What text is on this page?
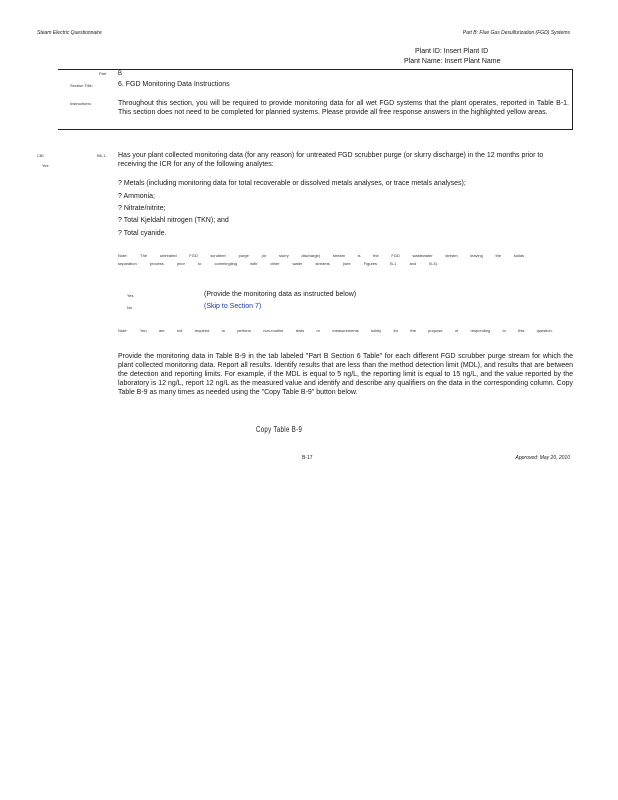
Steam Electric Questionnaire	Part B: Flue Gas Desulfurization (FGD) Systems
Plant ID: Insert Plant ID
Plant Name: Insert Plant Name
Part B
Section Title:	6. FGD Monitoring Data Instructions
Instructions:	Throughout this section, you will be required to provide monitoring data for all wet FGD systems that the plant operates, reported in Table B-1. This section does not need to be completed for planned systems. Please provide all free response answers in the highlighted yellow areas.
CBI
Yes
B6-1. Has your plant collected monitoring data (for any reason) for untreated FGD scrubber purge (or slurry discharge) in the 12 months prior to receiving the ICR for any of the following analytes:
? Metals (including monitoring data for total recoverable or dissolved metals analyses, or trace metals analyses);
? Ammonia;
? Nitrate/nitrite;
? Total Kjeldahl nitrogen (TKN); and
? Total cyanide.
Note:	The	untreated	FGD	scrubber	purge	(or	slurry	discharge)	stream	is	the	FGD	wastewater	stream	leaving	the	solids
separation	process	prior	to	commingling	with	other	water	streams	(see	Figures	B-1	and	B-3).
Yes	(Provide the monitoring data as instructed below)
No	(Skip to Section 7)
Note:	You	are	not	required	to	perform	non-routine	tests	or	measurements	solely	for	the	purpose	of	responding	to	this	question.
Provide the monitoring data in Table B-9 in the tab labeled "Part B Section 6 Table" for each different FGD scrubber purge stream for which the plant collected monitoring data. Report all results. Identify results that are less than the method detection limit (MDL), and results that are between the detection and reporting limits. For example, if the MDL is equal to 5 ng/L, the reporting limit is equal to 15 ng/L, and the value reported by the laboratory is 12 ng/L, report 12 ng/L as the measured value and identify and describe any qualifiers on the data in the corresponding column. Copy Table B-9 as many times as needed using the "Copy Table B-9" button below.
Copy Table B-9
B-17	Approved: May 20, 2010
